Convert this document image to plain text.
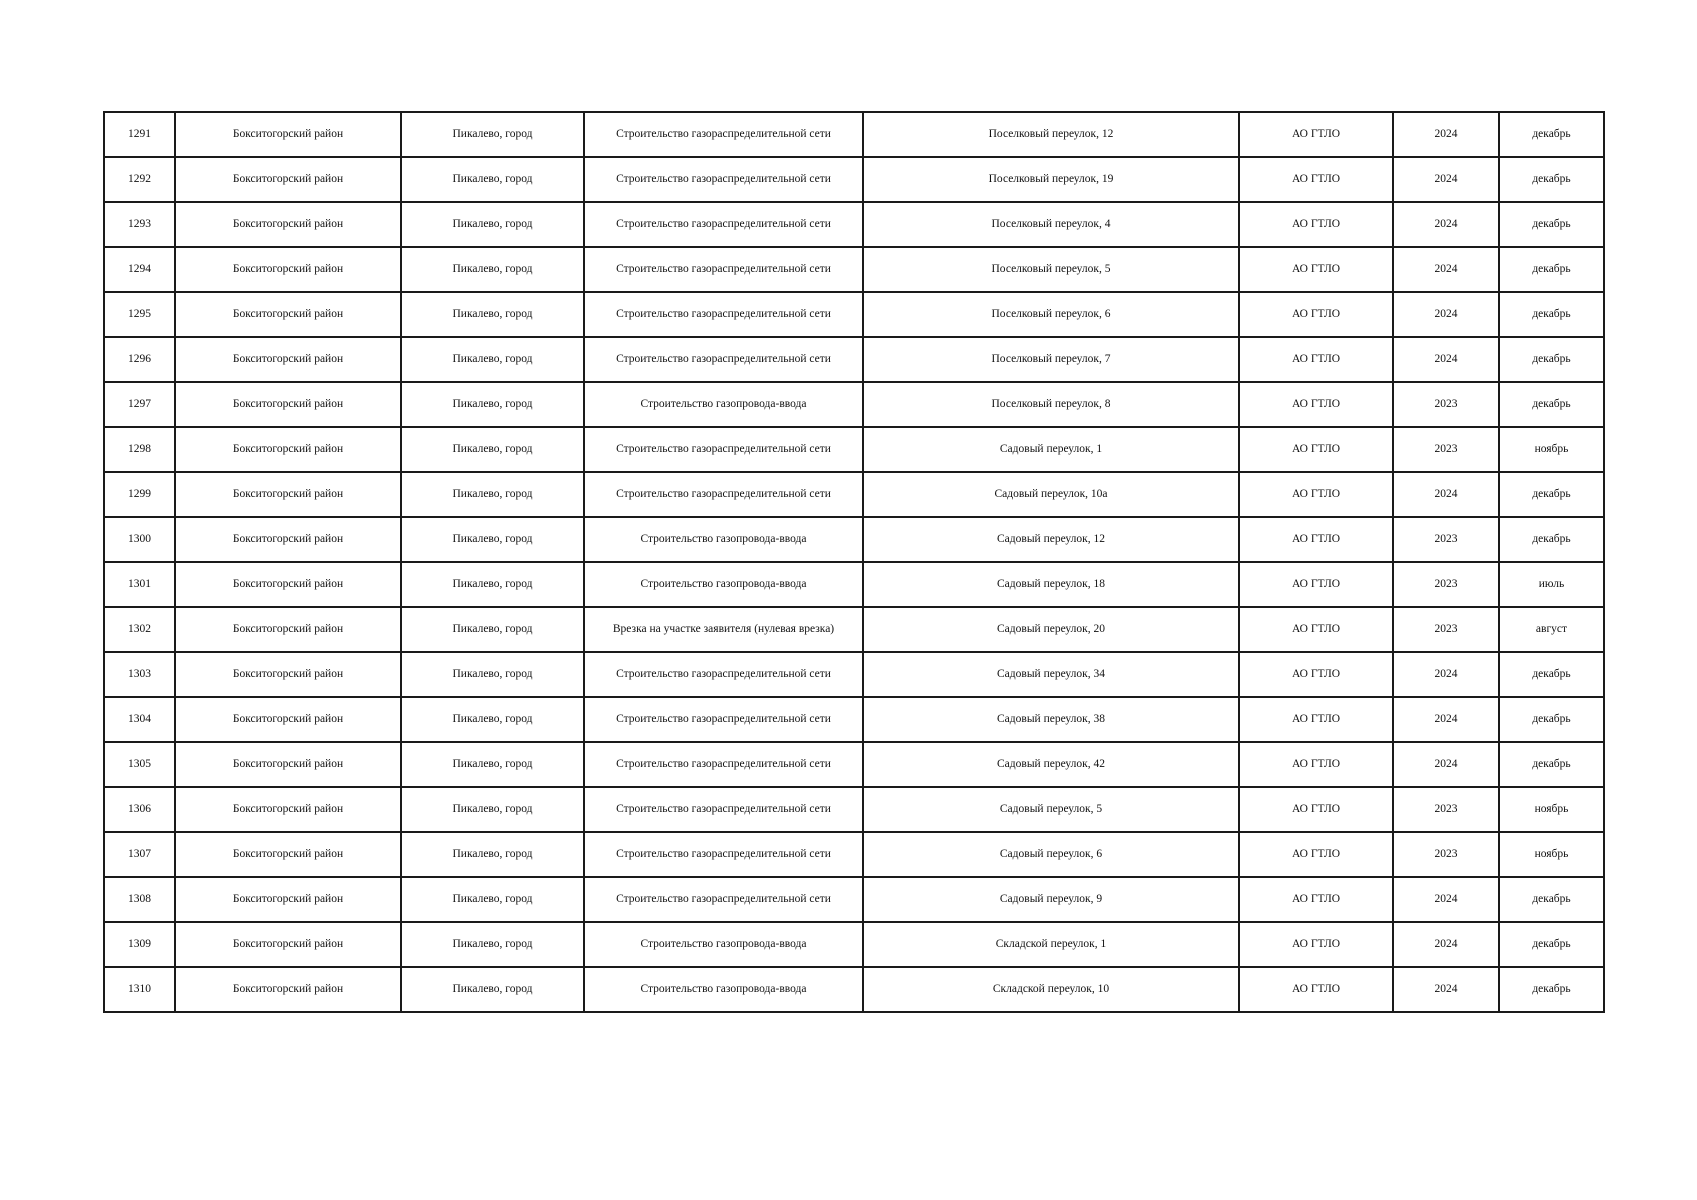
1291	Бокситогорский район	Пикалево, город	Строительство газораспределительной сети	Поселковый переулок, 12	АО ГТЛО	2024	декабрь
1292	Бокситогорский район	Пикалево, город	Строительство газораспределительной сети	Поселковый переулок, 19	АО ГТЛО	2024	декабрь
1293	Бокситогорский район	Пикалево, город	Строительство газораспределительной сети	Поселковый переулок, 4	АО ГТЛО	2024	декабрь
1294	Бокситогорский район	Пикалево, город	Строительство газораспределительной сети	Поселковый переулок, 5	АО ГТЛО	2024	декабрь
1295	Бокситогорский район	Пикалево, город	Строительство газораспределительной сети	Поселковый переулок, 6	АО ГТЛО	2024	декабрь
1296	Бокситогорский район	Пикалево, город	Строительство газораспределительной сети	Поселковый переулок, 7	АО ГТЛО	2024	декабрь
1297	Бокситогорский район	Пикалево, город	Строительство газопровода-ввода	Поселковый переулок, 8	АО ГТЛО	2023	декабрь
1298	Бокситогорский район	Пикалево, город	Строительство газораспределительной сети	Садовый переулок, 1	АО ГТЛО	2023	ноябрь
1299	Бокситогорский район	Пикалево, город	Строительство газораспределительной сети	Садовый переулок, 10а	АО ГТЛО	2024	декабрь
1300	Бокситогорский район	Пикалево, город	Строительство газопровода-ввода	Садовый переулок, 12	АО ГТЛО	2023	декабрь
1301	Бокситогорский район	Пикалево, город	Строительство газопровода-ввода	Садовый переулок, 18	АО ГТЛО	2023	июль
1302	Бокситогорский район	Пикалево, город	Врезка на участке заявителя (нулевая врезка)	Садовый переулок, 20	АО ГТЛО	2023	август
1303	Бокситогорский район	Пикалево, город	Строительство газораспределительной сети	Садовый переулок, 34	АО ГТЛО	2024	декабрь
1304	Бокситогорский район	Пикалево, город	Строительство газораспределительной сети	Садовый переулок, 38	АО ГТЛО	2024	декабрь
1305	Бокситогорский район	Пикалево, город	Строительство газораспределительной сети	Садовый переулок, 42	АО ГТЛО	2024	декабрь
1306	Бокситогорский район	Пикалево, город	Строительство газораспределительной сети	Садовый переулок, 5	АО ГТЛО	2023	ноябрь
1307	Бокситогорский район	Пикалево, город	Строительство газораспределительной сети	Садовый переулок, 6	АО ГТЛО	2023	ноябрь
1308	Бокситогорский район	Пикалево, город	Строительство газораспределительной сети	Садовый переулок, 9	АО ГТЛО	2024	декабрь
1309	Бокситогорский район	Пикалево, город	Строительство газопровода-ввода	Складской переулок, 1	АО ГТЛО	2024	декабрь
1310	Бокситогорский район	Пикалево, город	Строительство газопровода-ввода	Складской переулок, 10	АО ГТЛО	2024	декабрь
